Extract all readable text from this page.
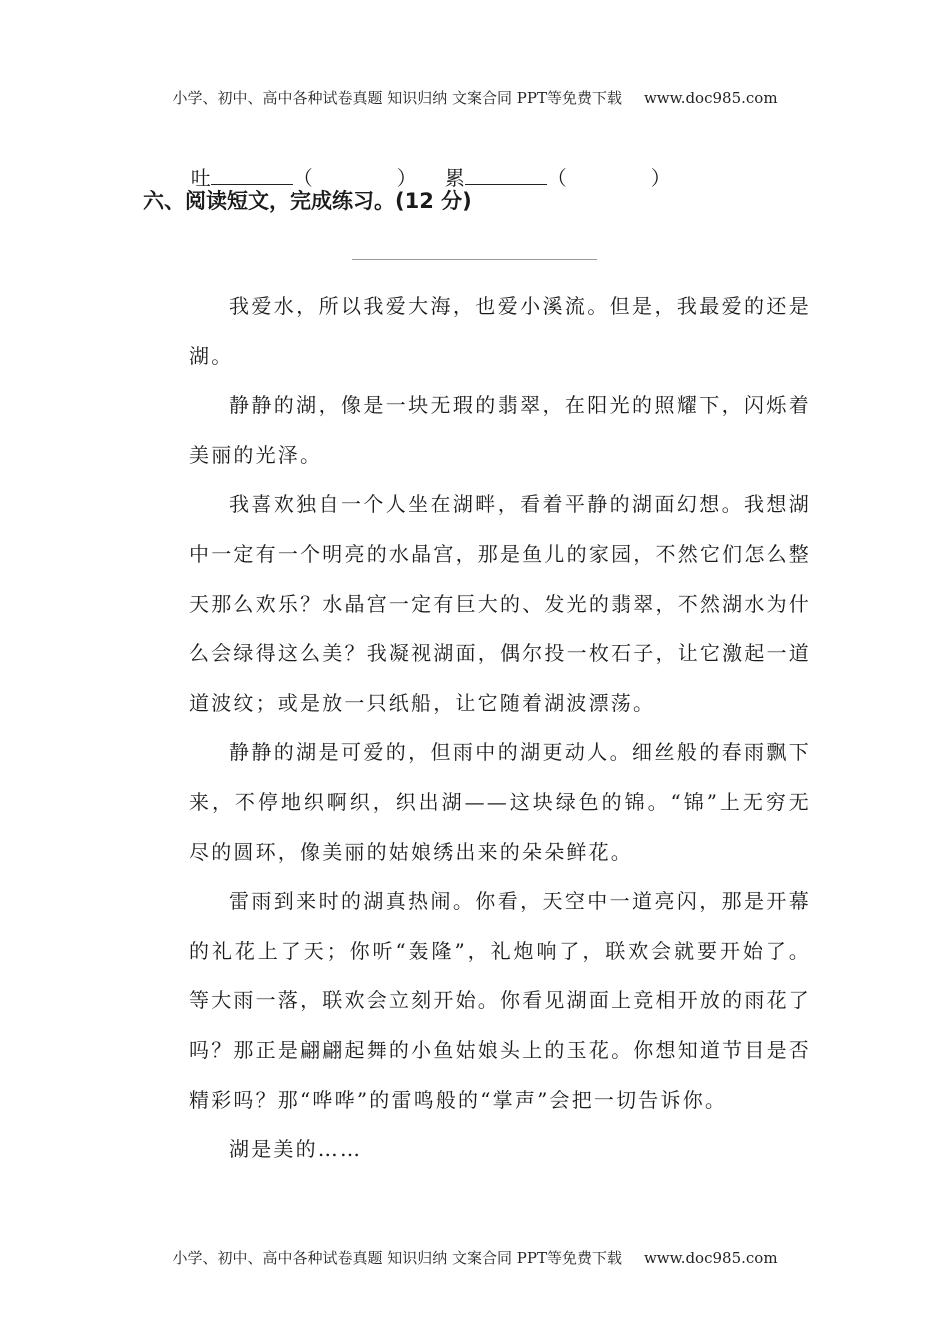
小学、初中、高中各种试卷真题 知识归纳 文案合同 PPT等免费下载 www.doc985.com

吐	（	） 累	（	）

六、阅读短文，完成练习。(12 分)

我爱水，所以我爱大海，也爱小溪流。但是，我最爱的还是湖。

静静的湖，像是一块无瑕的翡翠，在阳光的照耀下，闪烁着美丽的光泽。

我喜欢独自一个人坐在湖畔，看着平静的湖面幻想。我想湖中一定有一个明亮的水晶宫，那是鱼儿的家园，不然它们怎么整天那么欢乐？水晶宫一定有巨大的、发光的翡翠，不然湖水为什么会绿得这么美？我凝视湖面，偶尔投一枚石子，让它激起一道道波纹；或是放一只纸船，让它随着湖波漂荡。

静静的湖是可爱的，但雨中的湖更动人。细丝般的春雨飘下来，不停地织啊织，织出湖——这块绿色的锦。“锦”上无穷无尽的圆环，像美丽的姑娘绣出来的朵朵鲜花。

雷雨到来时的湖真热闹。你看，天空中一道亮闪，那是开幕的礼花上了天；你听“轰隆”，礼炮响了，联欢会就要开始了。等大雨一落，联欢会立刻开始。你看见湖面上竞相开放的雨花了吗？那正是翩翩起舞的小鱼姑娘头上的玉花。你想知道节目是否精彩吗？那“哗哗”的雷鸣般的“掌声”会把一切告诉你。

湖是美的……

小学、初中、高中各种试卷真题 知识归纳 文案合同 PPT等免费下载 www.doc985.com
